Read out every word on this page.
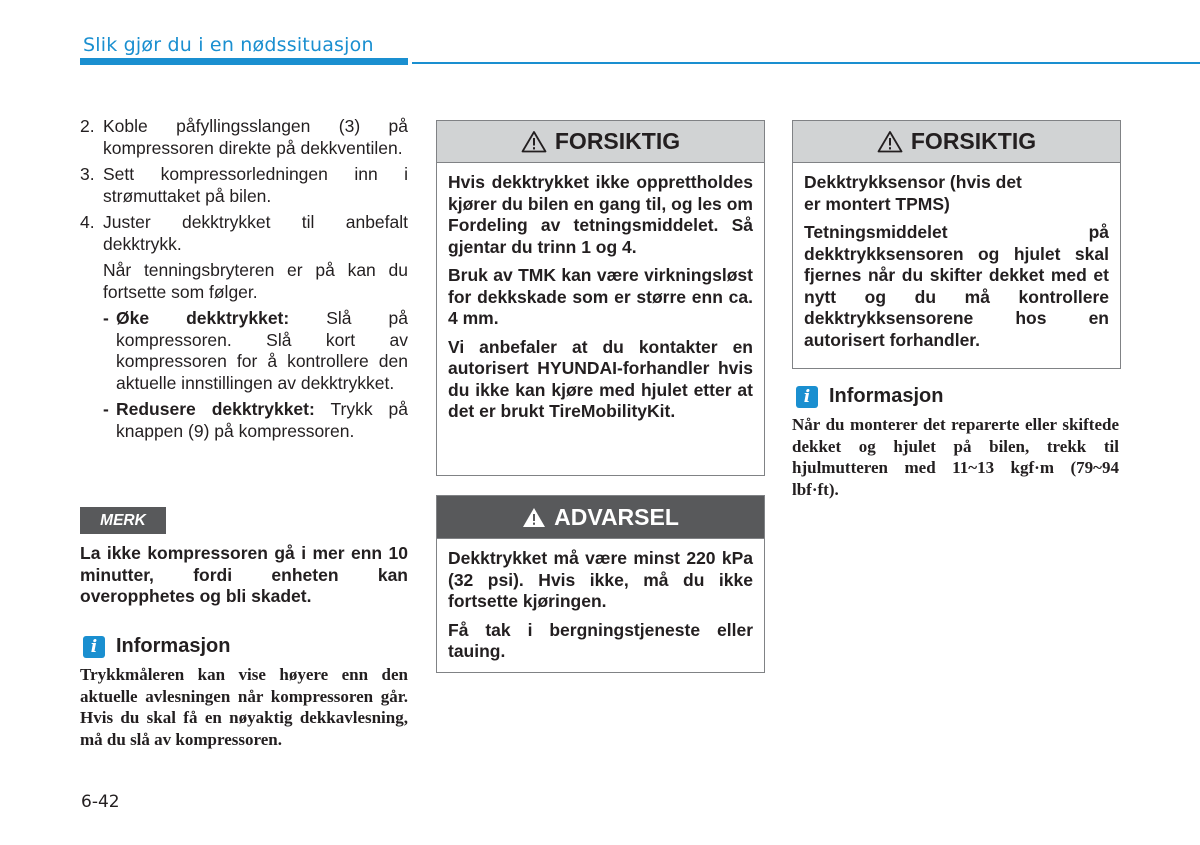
Slik gjør du i en nødssituasjon
2. Koble påfyllingsslangen (3) på kompressoren direkte på dekkventilen.
3. Sett kompressorledningen inn i strømuttaket på bilen.
4. Juster dekktrykket til anbefalt dekktrykk.
Når tenningsbryteren er på kan du fortsette som følger.
- Øke dekktrykket: Slå på kompressoren. Slå kort av kompressoren for å kontrollere den aktuelle innstillingen av dekktrykket.
- Redusere dekktrykket: Trykk på knappen (9) på kompressoren.
MERK
La ikke kompressoren gå i mer enn 10 minutter, fordi enheten kan overopphetes og bli skadet.
i Informasjon
Trykkmåleren kan vise høyere enn den aktuelle avlesningen når kompressoren går. Hvis du skal få en nøyaktig dekkavlesning, må du slå av kompressoren.
FORSIKTIG

Hvis dekktrykket ikke opprettholdes kjører du bilen en gang til, og les om Fordeling av tetningsmiddelet. Så gjentar du trinn 1 og 4.

Bruk av TMK kan være virkningsløst for dekkskade som er større enn ca. 4 mm.

Vi anbefaler at du kontakter en autorisert HYUNDAI-forhandler hvis du ikke kan kjøre med hjulet etter at det er brukt TireMobilityKit.

ADVARSEL

Dekktrykket må være minst 220 kPa (32 psi). Hvis ikke, må du ikke fortsette kjøringen.

Få tak i bergningstjeneste eller tauing.

FORSIKTIG

Dekktrykksensor (hvis det er montert TPMS)

Tetningsmiddelet på dekktrykksensoren og hjulet skal fjernes når du skifter dekket med et nytt og du må kontrollere dekktrykksensorene hos en autorisert forhandler.

i Informasjon
Når du monterer det reparerte eller skiftede dekket og hjulet på bilen, trekk til hjulmutteren med 11~13 kgf·m (79~94 lbf·ft).
6-42
